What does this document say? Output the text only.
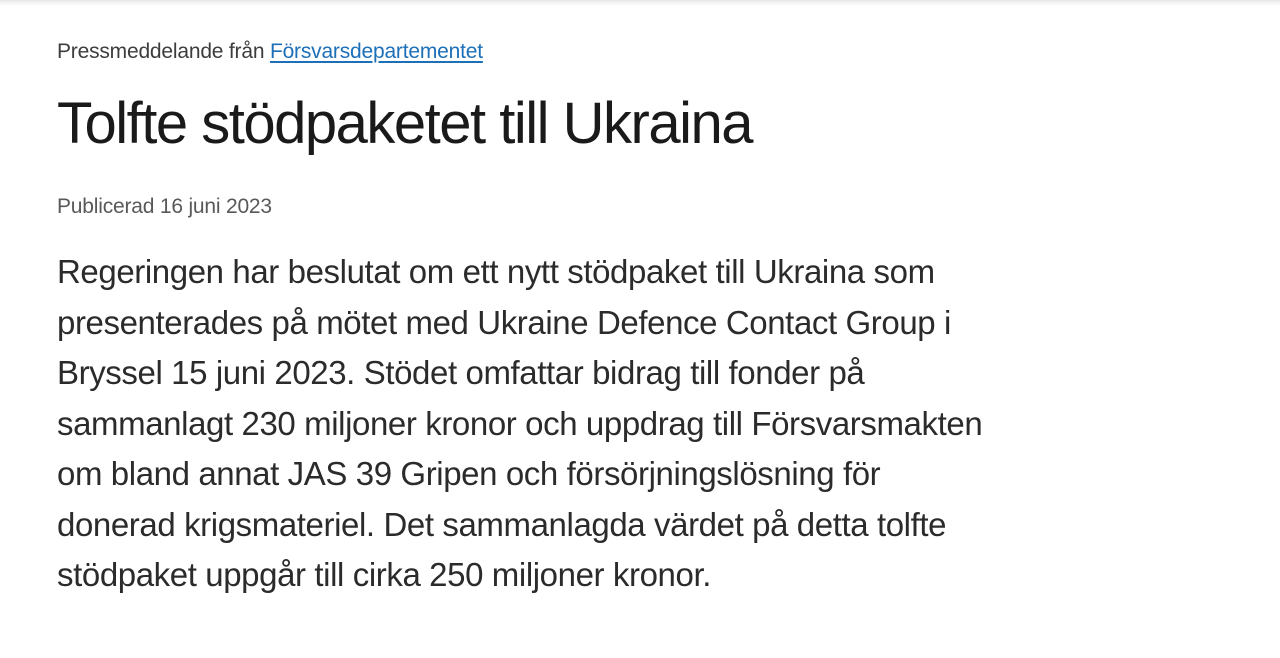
Pressmeddelande från Försvarsdepartementet
Tolfte stödpaketet till Ukraina
Publicerad 16 juni 2023
Regeringen har beslutat om ett nytt stödpaket till Ukraina som
presenterades på mötet med Ukraine Defence Contact Group i
Bryssel 15 juni 2023. Stödet omfattar bidrag till fonder på
sammanlagt 230 miljoner kronor och uppdrag till Försvarsmakten
om bland annat JAS 39 Gripen och försörjningslösning för
donerad krigsmateriel. Det sammanlagda värdet på detta tolfte
stödpaket uppgår till cirka 250 miljoner kronor.
